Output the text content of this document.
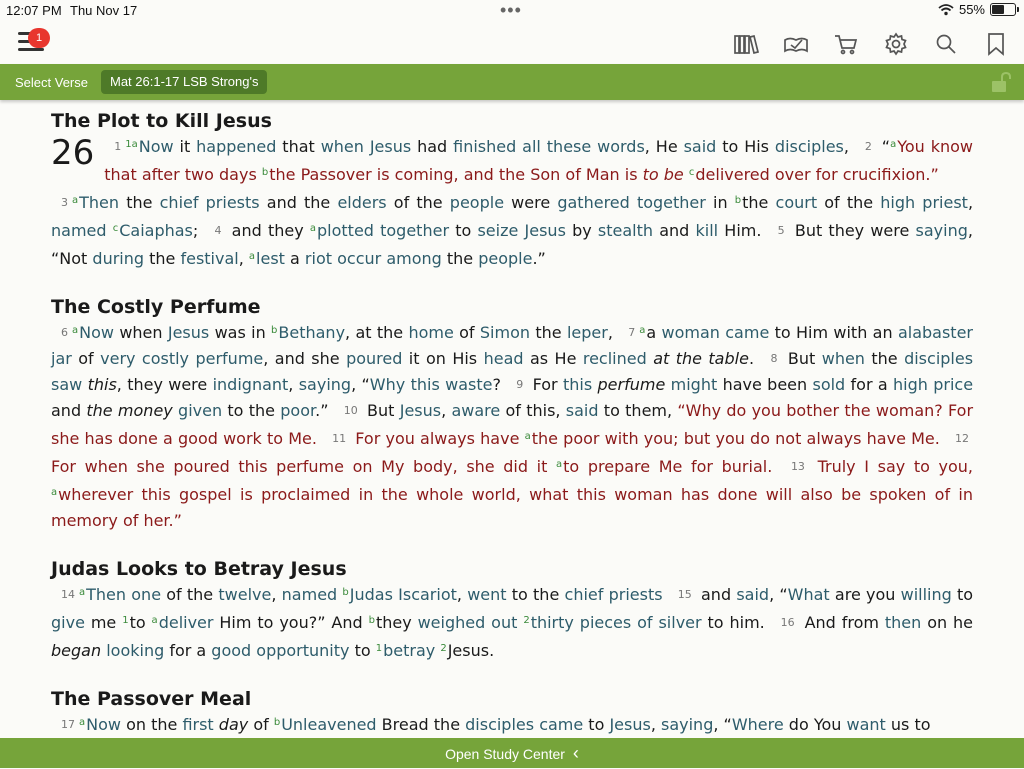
12:07 PM Thu Nov 17	•••	55%
1
Select Verse	Mat 26:1-17 LSB Strong's
The Plot to Kill Jesus

26 1 $^{1a}$Now it happened that when Jesus had finished all these words, He said to His disciples, 2 “$^a$You know that after two days $^b$the Passover is coming, and the Son of Man is to be $^c$delivered over for crucifixion.”

3 $^a$Then the chief priests and the elders of the people were gathered together in $^b$the court of the high priest, named $^c$Caiaphas; 4 and they $^a$plotted together to seize Jesus by stealth and kill Him. 5 But they were saying, “Not during the festival, $^a$lest a riot occur among the people.”

The Costly Perfume

6 $^a$Now when Jesus was in $^b$Bethany, at the home of Simon the leper, 7 $^a$a woman came to Him with an alabaster jar of very costly perfume, and she poured it on His head as He reclined at the table. 8 But when the disciples saw this, they were indignant, saying, “Why this waste? 9 For this perfume might have been sold for a high price and the money given to the poor.” 10 But Jesus, aware of this, said to them, “Why do you bother the woman? For she has done a good work to Me. 11 For you always have $^a$the poor with you; but you do not always have Me. 12 For when she poured this perfume on My body, she did it $^a$to prepare Me for burial. 13 Truly I say to you, $^a$wherever this gospel is proclaimed in the whole world, what this woman has done will also be spoken of in memory of her.”

Judas Looks to Betray Jesus

14 $^a$Then one of the twelve, named $^b$Judas Iscariot, went to the chief priests 15 and said, “What are you willing to give me $^1$to $^a$deliver Him to you?” And $^b$they weighed out $^2$thirty pieces of silver to him. 16 And from then on he began looking for a good opportunity to $^1$betray $^2$Jesus.

The Passover Meal

17 $^a$Now on the first day of $^b$Unleavened Bread the disciples came to Jesus, saying, “Where do You want us to

Open Study Center ‹
